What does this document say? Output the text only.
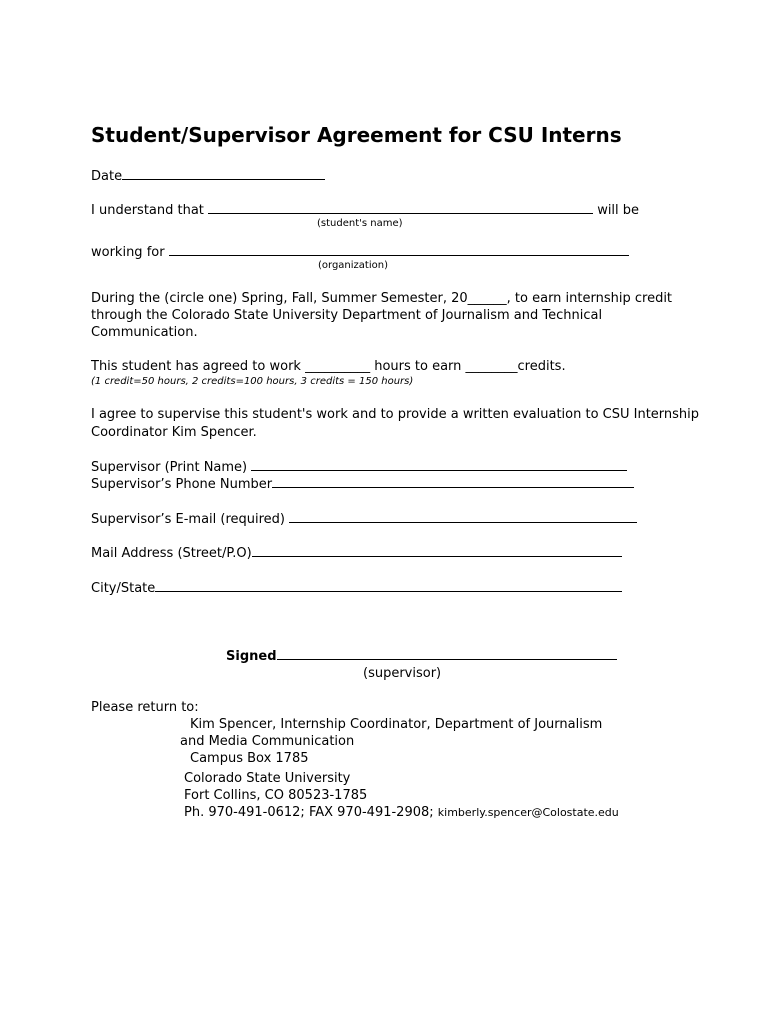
Student/Supervisor Agreement for CSU Interns
Date
I understand that	will be
(student's name)
working for
(organization)
During the (circle one) Spring, Fall, Summer Semester, 20______, to earn internship credit
through the Colorado State University Department of Journalism and Technical
Communication.
This student has agreed to work __________ hours to earn ________credits.
(1 credit=50 hours, 2 credits=100 hours, 3 credits = 150 hours)
I agree to supervise this student's work and to provide a written evaluation to CSU Internship
Coordinator Kim Spencer.
Supervisor (Print Name)
Supervisor’s Phone Number
Supervisor’s E-mail (required)
Mail Address (Street/P.O)
City/State
Signed
(supervisor)
Please return to:
Kim Spencer, Internship Coordinator, Department of Journalism
and Media Communication
Campus Box 1785
Colorado State University
Fort Collins, CO 80523-1785
Ph. 970-491-0612; FAX 970-491-2908; kimberly.spencer@Colostate.edu
